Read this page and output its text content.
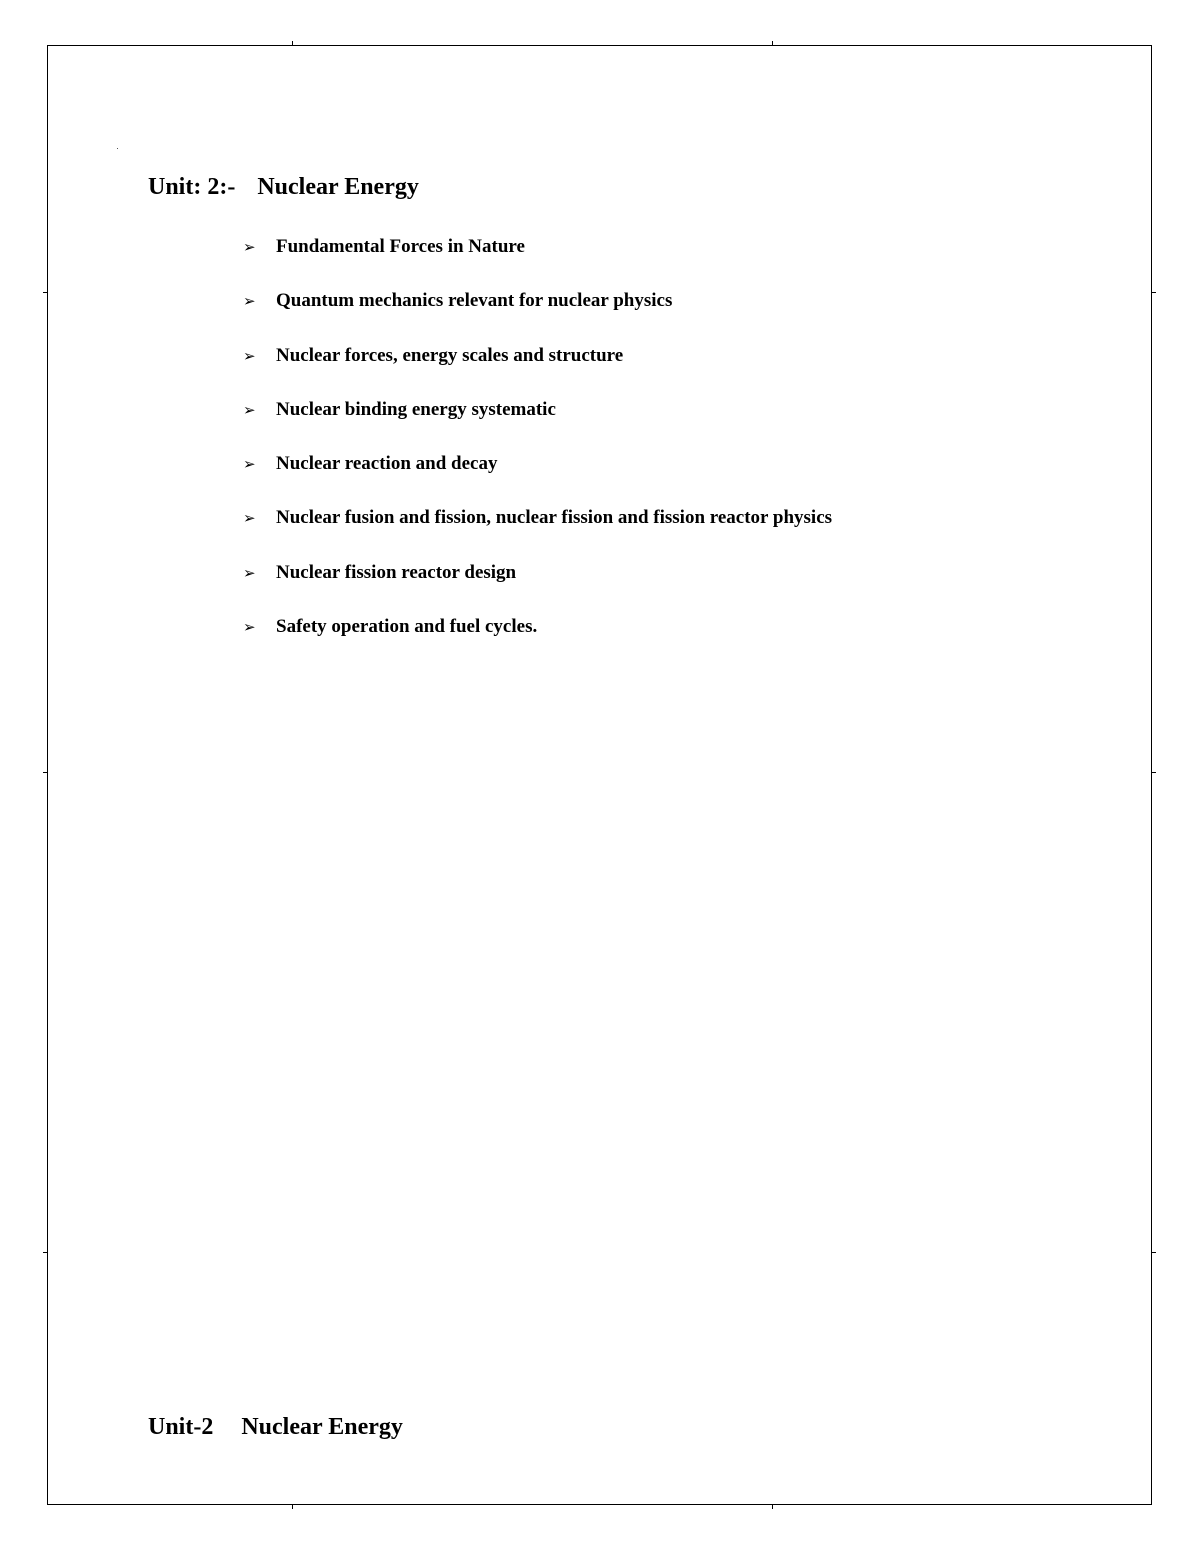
Unit: 2:- Nuclear Energy
➢	Fundamental Forces in Nature
➢	Quantum mechanics relevant for nuclear physics
➢	Nuclear forces, energy scales and structure
➢	Nuclear binding energy systematic
➢	Nuclear reaction and decay
➢	Nuclear fusion and fission, nuclear fission and fission reactor physics
➢	Nuclear fission reactor design
➢	Safety operation and fuel cycles.
Unit-2 Nuclear Energy
